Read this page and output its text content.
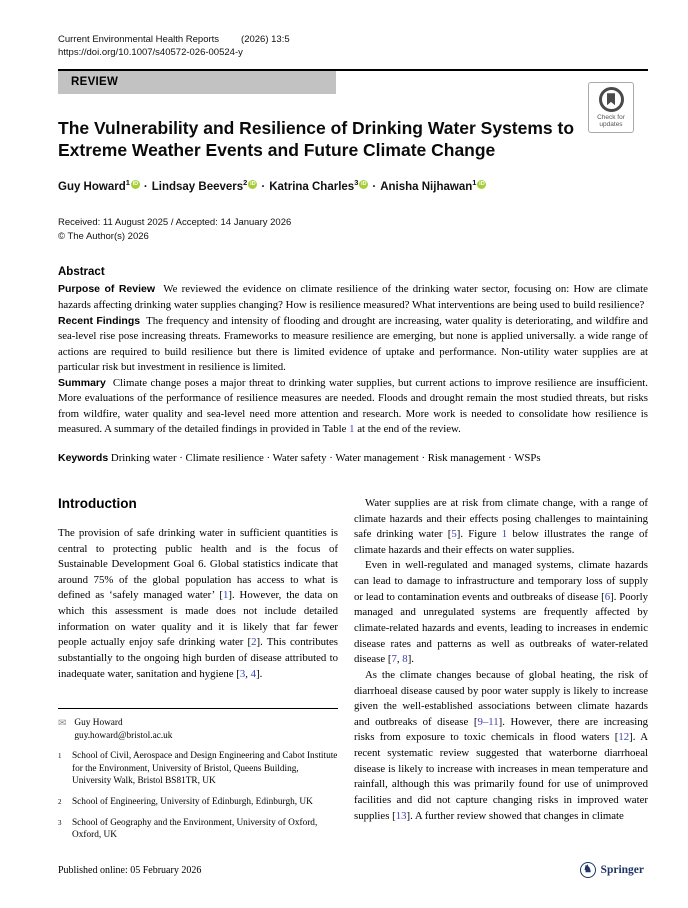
Current Environmental Health Reports (2026) 13:5
https://doi.org/10.1007/s40572-026-00524-y
REVIEW
Check for
updates
The Vulnerability and Resilience of Drinking Water Systems to Extreme Weather Events and Future Climate Change
Guy Howard$^1$ iD · Lindsay Beevers$^2$ iD · Katrina Charles$^3$ iD · Anisha Nijhawan$^1$ iD
Received: 11 August 2025 / Accepted: 14 January 2026
© The Author(s) 2026
Abstract

Purpose of Review We reviewed the evidence on climate resilience of the drinking water sector, focusing on: How are climate hazards affecting drinking water supplies changing? How is resilience measured? What interventions are being used to build resilience?

Recent Findings The frequency and intensity of flooding and drought are increasing, water quality is deteriorating, and wildfire and sea-level rise pose increasing threats. Frameworks to measure resilience are emerging, but none is applied universally. a wide range of actions are required to build resilience but there is limited evidence of uptake and performance. Non-utility water supplies are at particular risk but investment in resilience is limited.

Summary Climate change poses a major threat to drinking water supplies, but current actions to improve resilience are insufficient. More evaluations of the performance of resilience measures are needed. Floods and drought remain the most studied threats, but risks from wildfire, water quality and sea-level need more attention and research. More work is needed to consolidate how resilience is measured. A summary of the detailed findings in provided in Table 1 at the end of the review.

Keywords Drinking water · Climate resilience · Water safety · Water management · Risk management · WSPs
Introduction

The provision of safe drinking water in sufficient quantities is central to protecting public health and is the focus of Sustainable Development Goal 6. Global statistics indicate that around 75% of the global population has access to what is defined as ‘safely managed water’ [1]. However, the data on which this assessment is made does not include detailed information on water quality and it is likely that far fewer people actually enjoy safe drinking water [2]. This contributes substantially to the ongoing high burden of disease attributed to inadequate water, sanitation and hygiene [3, 4].

✉ Guy Howard
guy.howard@bristol.ac.uk
1 School of Civil, Aerospace and Design Engineering and Cabot Institute for the Environment, University of Bristol, Queens Building, University Walk, Bristol BS81TR, UK
2 School of Engineering, University of Edinburgh, Edinburgh, UK
3 School of Geography and the Environment, University of Oxford, Oxford, UK

Water supplies are at risk from climate change, with a range of climate hazards and their effects posing challenges to maintaining safe drinking water [5]. Figure 1 below illustrates the range of climate hazards and their effects on water supplies.

Even in well-regulated and managed systems, climate hazards can lead to damage to infrastructure and temporary loss of supply or lead to contamination events and outbreaks of disease [6]. Poorly managed and unregulated systems are frequently affected by climate-related hazards and events, leading to increases in endemic disease rates and patterns as well as outbreaks of water-related disease [7, 8].

As the climate changes because of global heating, the risk of diarrhoeal disease caused by poor water supply is likely to increase given the well-established associations between climate hazards and outbreaks of disease [9–11]. However, there are increasing risks from exposure to toxic chemicals in flood waters [12]. A recent systematic review suggested that waterborne diarrhoeal disease is likely to increase with increases in mean temperature and rainfall, although this was primarily found for use of unimproved facilities and did not capture changing risks in improved water supplies [13]. A further review showed that changes in climate

Published online: 05 February 2026	♞ Springer
